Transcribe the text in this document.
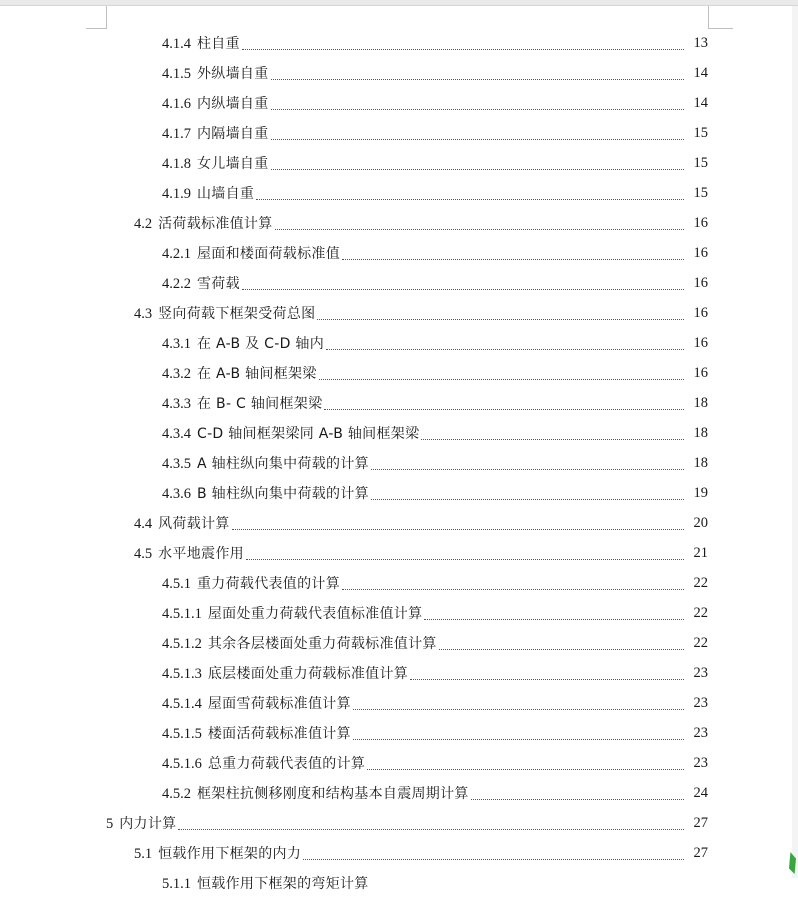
4.1.4 柱自重	13
4.1.5 外纵墙自重	14
4.1.6 内纵墙自重	14
4.1.7 内隔墙自重	15
4.1.8 女儿墙自重	15
4.1.9 山墙自重	15
4.2 活荷载标准值计算	16
4.2.1 屋面和楼面荷载标准值	16
4.2.2 雪荷载	16
4.3 竖向荷载下框架受荷总图	16
4.3.1 在 A-B 及 C-D 轴内	16
4.3.2 在 A-B 轴间框架梁	16
4.3.3 在 B- C 轴间框架梁	18
4.3.4 C-D 轴间框架梁同 A-B 轴间框架梁	18
4.3.5 A 轴柱纵向集中荷载的计算	18
4.3.6 B 轴柱纵向集中荷载的计算	19
4.4 风荷载计算	20
4.5 水平地震作用	21
4.5.1 重力荷载代表值的计算	22
4.5.1.1 屋面处重力荷载代表值标准值计算	22
4.5.1.2 其余各层楼面处重力荷载标准值计算	22
4.5.1.3 底层楼面处重力荷载标准值计算	23
4.5.1.4 屋面雪荷载标准值计算	23
4.5.1.5 楼面活荷载标准值计算	23
4.5.1.6 总重力荷载代表值的计算	23
4.5.2 框架柱抗侧移刚度和结构基本自震周期计算	24
5 内力计算	27
5.1 恒载作用下框架的内力	27
5.1.1 恒载作用下框架的弯矩计算
